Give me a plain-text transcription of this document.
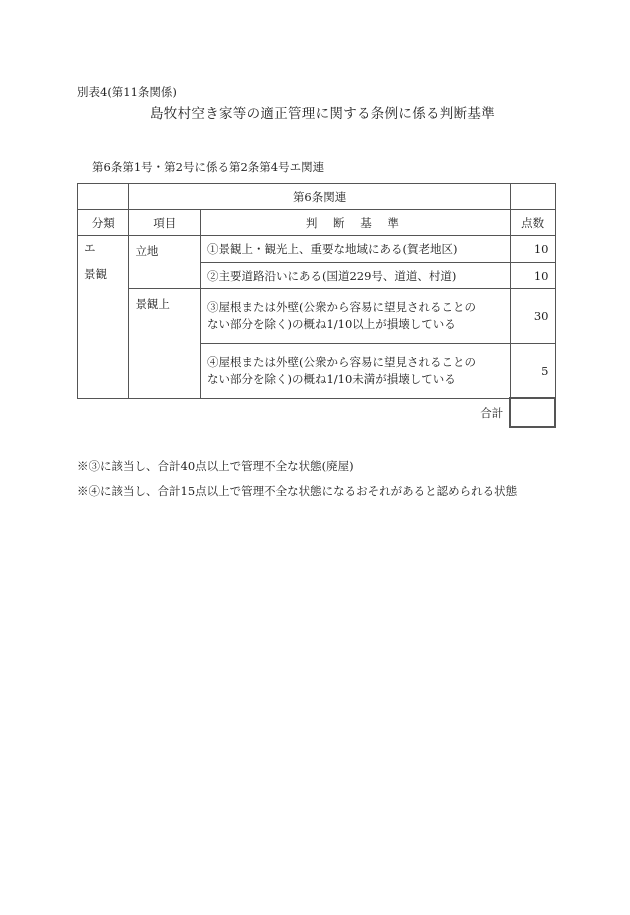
別表4(第11条関係)
島牧村空き家等の適正管理に関する条例に係る判断基準
第6条第1号・第2号に係る第2条第4号エ関連
	第6条関連		
分類	項目	判 断 基 準	点数

エ
景観	立地	①景観上・観光上、重要な地域にある(賀老地区)	10
		②主要道路沿いにある(国道229号、道道、村道)	10
	景観上	③屋根または外壁(公衆から容易に望見されることの
ない部分を除く)の概ね1/10以上が損壊している	30

		④屋根または外壁(公衆から容易に望見されることの
ない部分を除く)の概ね1/10未満が損壊している	5
		合計	
※③に該当し、合計40点以上で管理不全な状態(廃屋)
※④に該当し、合計15点以上で管理不全な状態になるおそれがあると認められる状態
